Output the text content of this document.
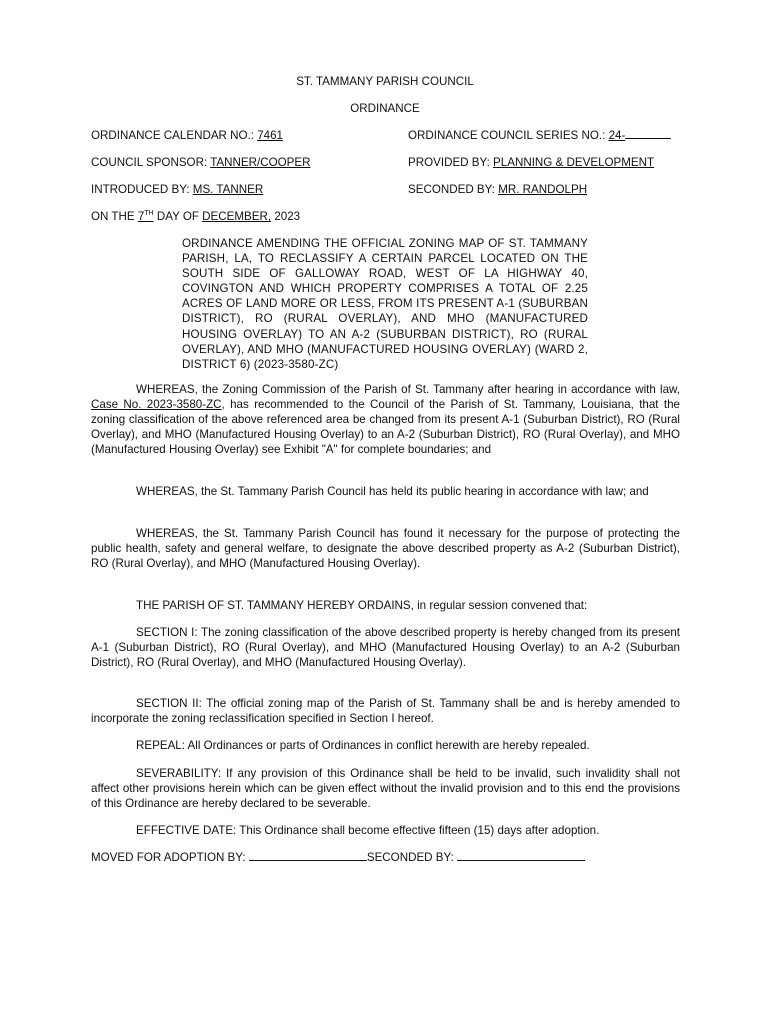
ST. TAMMANY PARISH COUNCIL
ORDINANCE
ORDINANCE CALENDAR NO.: 7461	ORDINANCE COUNCIL SERIES NO.: 24-
COUNCIL SPONSOR: TANNER/COOPER	PROVIDED BY: PLANNING & DEVELOPMENT
INTRODUCED BY: MS. TANNER	SECONDED BY: MR. RANDOLPH
ON THE 7TH DAY OF DECEMBER, 2023
ORDINANCE AMENDING THE OFFICIAL ZONING MAP OF ST. TAMMANY PARISH, LA, TO RECLASSIFY A CERTAIN PARCEL LOCATED ON THE SOUTH SIDE OF GALLOWAY ROAD, WEST OF LA HIGHWAY 40, COVINGTON AND WHICH PROPERTY COMPRISES A TOTAL OF 2.25 ACRES OF LAND MORE OR LESS, FROM ITS PRESENT A-1 (SUBURBAN DISTRICT), RO (RURAL OVERLAY), AND MHO (MANUFACTURED HOUSING OVERLAY) TO AN A-2 (SUBURBAN DISTRICT), RO (RURAL OVERLAY), AND MHO (MANUFACTURED HOUSING OVERLAY) (WARD 2, DISTRICT 6) (2023-3580-ZC)
WHEREAS, the Zoning Commission of the Parish of St. Tammany after hearing in accordance with law, Case No. 2023-3580-ZC, has recommended to the Council of the Parish of St. Tammany, Louisiana, that the zoning classification of the above referenced area be changed from its present A-1 (Suburban District), RO (Rural Overlay), and MHO (Manufactured Housing Overlay) to an A-2 (Suburban District), RO (Rural Overlay), and MHO (Manufactured Housing Overlay) see Exhibit "A" for complete boundaries; and
WHEREAS, the St. Tammany Parish Council has held its public hearing in accordance with law; and
WHEREAS, the St. Tammany Parish Council has found it necessary for the purpose of protecting the public health, safety and general welfare, to designate the above described property as A-2 (Suburban District), RO (Rural Overlay), and MHO (Manufactured Housing Overlay).
THE PARISH OF ST. TAMMANY HEREBY ORDAINS, in regular session convened that:
SECTION I: The zoning classification of the above described property is hereby changed from its present A-1 (Suburban District), RO (Rural Overlay), and MHO (Manufactured Housing Overlay) to an A-2 (Suburban District), RO (Rural Overlay), and MHO (Manufactured Housing Overlay).
SECTION II: The official zoning map of the Parish of St. Tammany shall be and is hereby amended to incorporate the zoning reclassification specified in Section I hereof.
REPEAL: All Ordinances or parts of Ordinances in conflict herewith are hereby repealed.
SEVERABILITY: If any provision of this Ordinance shall be held to be invalid, such invalidity shall not affect other provisions herein which can be given effect without the invalid provision and to this end the provisions of this Ordinance are hereby declared to be severable.
EFFECTIVE DATE: This Ordinance shall become effective fifteen (15) days after adoption.
MOVED FOR ADOPTION BY:	SECONDED BY:
